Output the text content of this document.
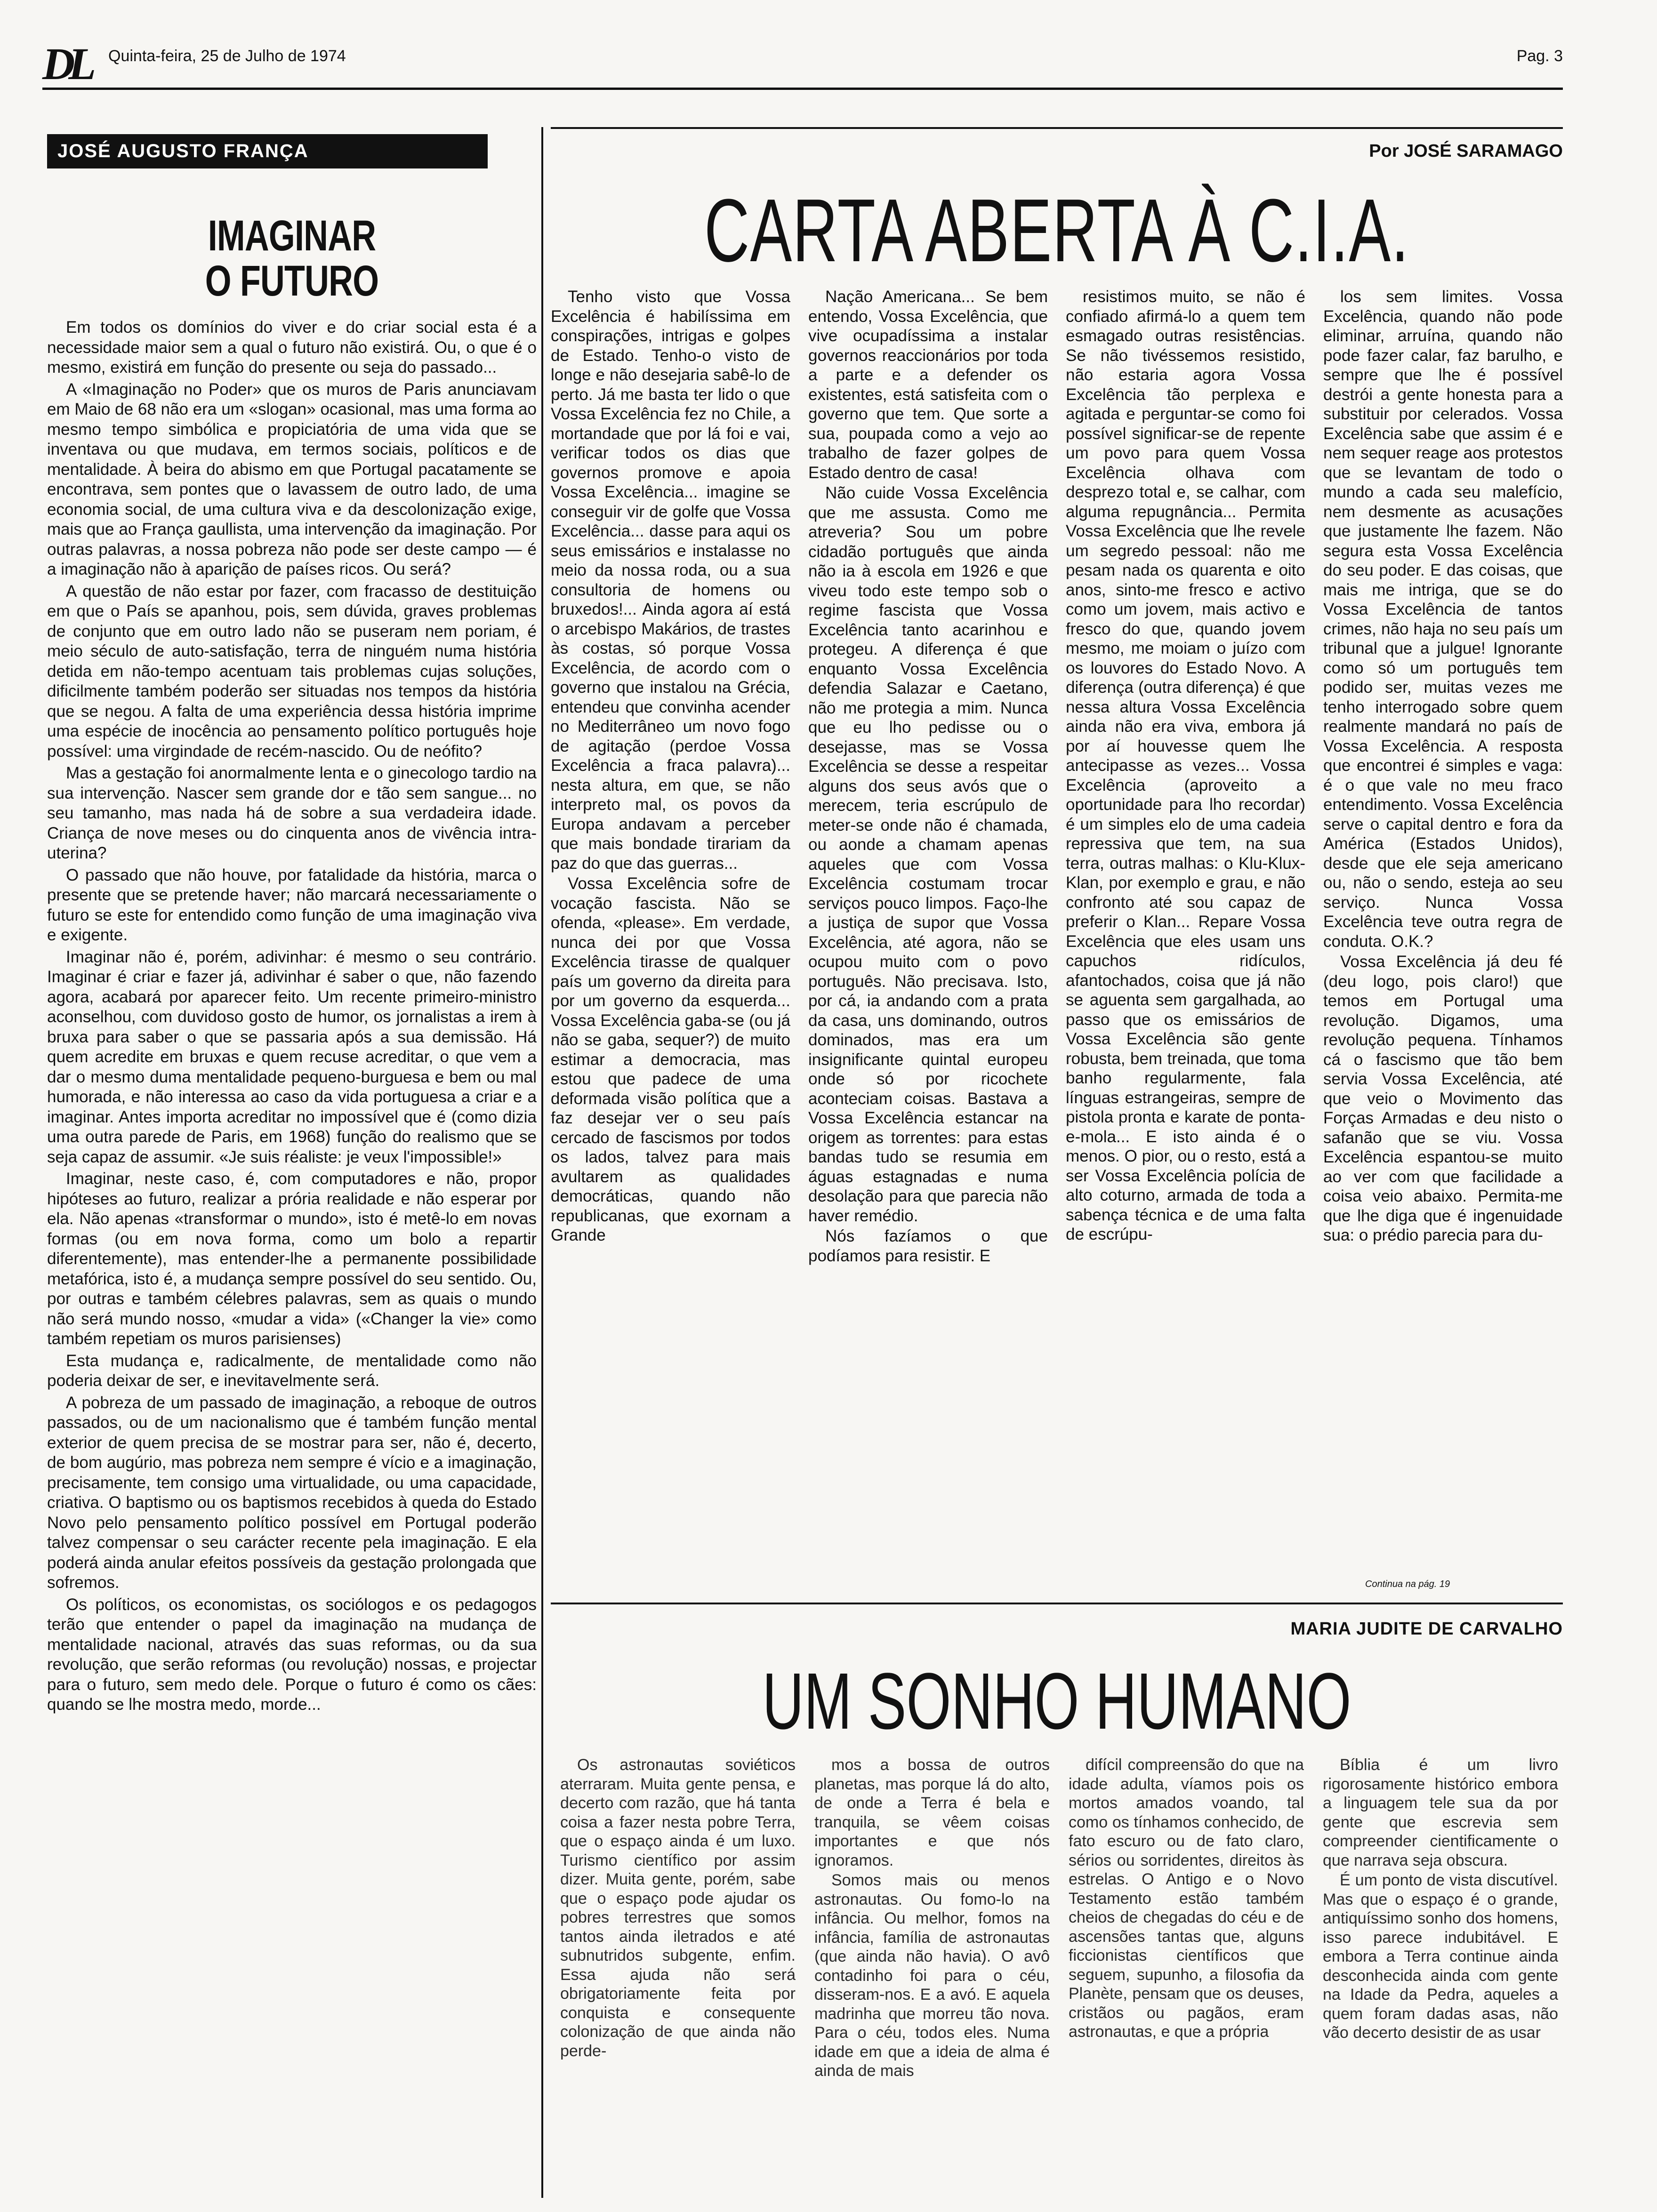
DL Quinta-feira, 25 de Julho de 1974	Pag. 3
JOSÉ AUGUSTO FRANÇA
IMAGINAR
O FUTURO

Em todos os domínios do viver e do criar social esta é a necessidade maior sem a qual o futuro não existirá. Ou, o que é o mesmo, existirá em função do presente ou seja do passado...

A «Imaginação no Poder» que os muros de Paris anunciavam em Maio de 68 não era um «slogan» ocasional, mas uma forma ao mesmo tempo simbólica e propiciatória de uma vida que se inventava ou que mudava, em termos sociais, políticos e de mentalidade. À beira do abismo em que Portugal pacatamente se encontrava, sem pontes que o lavassem de outro lado, de uma economia social, de uma cultura viva e da descolonização exige, mais que ao França gaullista, uma intervenção da imaginação. Por outras palavras, a nossa pobreza não pode ser deste campo — é a imaginação não à aparição de países ricos. Ou será?

A questão de não estar por fazer, com fracasso de destituição em que o País se apanhou, pois, sem dúvida, graves problemas de conjunto que em outro lado não se puseram nem poriam, é meio século de auto-satisfação, terra de ninguém numa história detida em não-tempo acentuam tais problemas cujas soluções, dificilmente também poderão ser situadas nos tempos da história que se negou. A falta de uma experiência dessa história imprime uma espécie de inocência ao pensamento político português hoje possível: uma virgindade de recém-nascido. Ou de neófito?

Mas a gestação foi anormalmente lenta e o ginecologo tardio na sua intervenção. Nascer sem grande dor e tão sem sangue... no seu tamanho, mas nada há de sobre a sua verdadeira idade. Criança de nove meses ou do cinquenta anos de vivência intra-uterina?

O passado que não houve, por fatalidade da história, marca o presente que se pretende haver; não marcará necessariamente o futuro se este for entendido como função de uma imaginação viva e exigente.

Imaginar não é, porém, adivinhar: é mesmo o seu contrário. Imaginar é criar e fazer já, adivinhar é saber o que, não fazendo agora, acabará por aparecer feito. Um recente primeiro-ministro aconselhou, com duvidoso gosto de humor, os jornalistas a irem à bruxa para saber o que se passaria após a sua demissão. Há quem acredite em bruxas e quem recuse acreditar, o que vem a dar o mesmo duma mentalidade pequeno-burguesa e bem ou mal humorada, e não interessa ao caso da vida portuguesa a criar e a imaginar. Antes importa acreditar no impossível que é (como dizia uma outra parede de Paris, em 1968) função do realismo que se seja capaz de assumir. «Je suis réaliste: je veux l'impossible!»

Imaginar, neste caso, é, com computadores e não, propor hipóteses ao futuro, realizar a prória realidade e não esperar por ela. Não apenas «transformar o mundo», isto é metê-lo em novas formas (ou em nova forma, como um bolo a repartir diferentemente), mas entender-lhe a permanente possibilidade metafórica, isto é, a mudança sempre possível do seu sentido. Ou, por outras e também célebres palavras, sem as quais o mundo não será mundo nosso, «mudar a vida» («Changer la vie» como também repetiam os muros parisienses)

Esta mudança e, radicalmente, de mentalidade como não poderia deixar de ser, e inevitavelmente será.

A pobreza de um passado de imaginação, a reboque de outros passados, ou de um nacionalismo que é também função mental exterior de quem precisa de se mostrar para ser, não é, decerto, de bom augúrio, mas pobreza nem sempre é vício e a imaginação, precisamente, tem consigo uma virtualidade, ou uma capacidade, criativa. O baptismo ou os baptismos recebidos à queda do Estado Novo pelo pensamento político possível em Portugal poderão talvez compensar o seu carácter recente pela imaginação. E ela poderá ainda anular efeitos possíveis da gestação prolongada que sofremos.

Os políticos, os economistas, os sociólogos e os pedagogos terão que entender o papel da imaginação na mudança de mentalidade nacional, através das suas reformas, ou da sua revolução, que serão reformas (ou revolução) nossas, e projectar para o futuro, sem medo dele. Porque o futuro é como os cães: quando se lhe mostra medo, morde...

Por JOSÉ SARAMAGO
CARTA ABERTA À C.I.A.

Tenho visto que Vossa Excelência é habilíssima em conspirações, intrigas e golpes de Estado. Tenho-o visto de longe e não desejaria sabê-lo de perto. Já me basta ter lido o que Vossa Excelência fez no Chile, a mortandade que por lá foi e vai, verificar todos os dias que governos promove e apoia Vossa Excelência... imagine se conseguir vir de golfe que Vossa Excelência... dasse para aqui os seus emissários e instalasse no meio da nossa roda, ou a sua consultoria de homens ou bruxedos!... Ainda agora aí está o arcebispo Makários, de trastes às costas, só porque Vossa Excelência, de acordo com o governo que instalou na Grécia, entendeu que convinha acender no Mediterrâneo um novo fogo de agitação (perdoe Vossa Excelência a fraca palavra)... nesta altura, em que, se não interpreto mal, os povos da Europa andavam a perceber que mais bondade tirariam da paz do que das guerras...

Vossa Excelência sofre de vocação fascista. Não se ofenda, «please». Em verdade, nunca dei por que Vossa Excelência tirasse de qualquer país um governo da direita para por um governo da esquerda... Vossa Excelência gaba-se (ou já não se gaba, sequer?) de muito estimar a democracia, mas estou que padece de uma deformada visão política que a faz desejar ver o seu país cercado de fascismos por todos os lados, talvez para mais avultarem as qualidades democráticas, quando não republicanas, que exornam a Grande

Nação Americana... Se bem entendo, Vossa Excelência, que vive ocupadíssima a instalar governos reaccionários por toda a parte e a defender os existentes, está satisfeita com o governo que tem. Que sorte a sua, poupada como a vejo ao trabalho de fazer golpes de Estado dentro de casa!

Não cuide Vossa Excelência que me assusta. Como me atreveria? Sou um pobre cidadão português que ainda não ia à escola em 1926 e que viveu todo este tempo sob o regime fascista que Vossa Excelência tanto acarinhou e protegeu. A diferença é que enquanto Vossa Excelência defendia Salazar e Caetano, não me protegia a mim. Nunca que eu lho pedisse ou o desejasse, mas se Vossa Excelência se desse a respeitar alguns dos seus avós que o merecem, teria escrúpulo de meter-se onde não é chamada, ou aonde a chamam apenas aqueles que com Vossa Excelência costumam trocar serviços pouco limpos. Faço-lhe a justiça de supor que Vossa Excelência, até agora, não se ocupou muito com o povo português. Não precisava. Isto, por cá, ia andando com a prata da casa, uns dominando, outros dominados, mas era um insignificante quintal europeu onde só por ricochete aconteciam coisas. Bastava a Vossa Excelência estancar na origem as torrentes: para estas bandas tudo se resumia em águas estagnadas e numa desolação para que parecia não haver remédio.

Nós fazíamos o que podíamos para resistir. E

resistimos muito, se não é confiado afirmá-lo a quem tem esmagado outras resistências. Se não tivéssemos resistido, não estaria agora Vossa Excelência tão perplexa e agitada e perguntar-se como foi possível significar-se de repente um povo para quem Vossa Excelência olhava com desprezo total e, se calhar, com alguma repugnância... Permita Vossa Excelência que lhe revele um segredo pessoal: não me pesam nada os quarenta e oito anos, sinto-me fresco e activo como um jovem, mais activo e fresco do que, quando jovem mesmo, me moiam o juízo com os louvores do Estado Novo. A diferença (outra diferença) é que nessa altura Vossa Excelência ainda não era viva, embora já por aí houvesse quem lhe antecipasse as vezes... Vossa Excelência (aproveito a oportunidade para lho recordar) é um simples elo de uma cadeia repressiva que tem, na sua terra, outras malhas: o Klu-Klux-Klan, por exemplo e grau, e não confronto até sou capaz de preferir o Klan... Repare Vossa Excelência que eles usam uns capuchos ridículos, afantochados, coisa que já não se aguenta sem gargalhada, ao passo que os emissários de Vossa Excelência são gente robusta, bem treinada, que toma banho regularmente, fala línguas estrangeiras, sempre de pistola pronta e karate de ponta-e-mola... E isto ainda é o menos. O pior, ou o resto, está a ser Vossa Excelência polícia de alto coturno, armada de toda a sabença técnica e de uma falta de escrúpu-

los sem limites. Vossa Excelência, quando não pode eliminar, arruína, quando não pode fazer calar, faz barulho, e sempre que lhe é possível destrói a gente honesta para a substituir por celerados. Vossa Excelência sabe que assim é e nem sequer reage aos protestos que se levantam de todo o mundo a cada seu malefício, nem desmente as acusações que justamente lhe fazem. Não segura esta Vossa Excelência do seu poder. E das coisas, que mais me intriga, que se do Vossa Excelência de tantos crimes, não haja no seu país um tribunal que a julgue! Ignorante como só um português tem podido ser, muitas vezes me tenho interrogado sobre quem realmente mandará no país de Vossa Excelência. A resposta que encontrei é simples e vaga: é o que vale no meu fraco entendimento. Vossa Excelência serve o capital dentro e fora da América (Estados Unidos), desde que ele seja americano ou, não o sendo, esteja ao seu serviço. Nunca Vossa Excelência teve outra regra de conduta. O.K.?

Vossa Excelência já deu fé (deu logo, pois claro!) que temos em Portugal uma revolução. Digamos, uma revolução pequena. Tínhamos cá o fascismo que tão bem servia Vossa Excelência, até que veio o Movimento das Forças Armadas e deu nisto o safanão que se viu. Vossa Excelência espantou-se muito ao ver com que facilidade a coisa veio abaixo. Permita-me que lhe diga que é ingenuidade sua: o prédio parecia para du-

Continua na pág. 19
MARIA JUDITE DE CARVALHO
UM SONHO HUMANO

Os astronautas soviéticos aterraram. Muita gente pensa, e decerto com razão, que há tanta coisa a fazer nesta pobre Terra, que o espaço ainda é um luxo. Turismo científico por assim dizer. Muita gente, porém, sabe que o espaço pode ajudar os pobres terrestres que somos tantos ainda iletrados e até subnutridos subgente, enfim. Essa ajuda não será obrigatoriamente feita por conquista e consequente colonização de que ainda não perde-

mos a bossa de outros planetas, mas porque lá do alto, de onde a Terra é bela e tranquila, se vêem coisas importantes e que nós ignoramos.

Somos mais ou menos astronautas. Ou fomo-lo na infância. Ou melhor, fomos na infância, família de astronautas (que ainda não havia). O avô contadinho foi para o céu, disseram-nos. E a avó. E aquela madrinha que morreu tão nova. Para o céu, todos eles. Numa idade em que a ideia de alma é ainda de mais

difícil compreensão do que na idade adulta, víamos pois os mortos amados voando, tal como os tínhamos conhecido, de fato escuro ou de fato claro, sérios ou sorridentes, direitos às estrelas. O Antigo e o Novo Testamento estão também cheios de chegadas do céu e de ascensões tantas que, alguns ficcionistas científicos que seguem, supunho, a filosofia da Planète, pensam que os deuses, cristãos ou pagãos, eram astronautas, e que a própria

Bíblia é um livro rigorosamente histórico embora a linguagem tele sua da por gente que escrevia sem compreender cientificamente o que narrava seja obscura.

É um ponto de vista discutível. Mas que o espaço é o grande, antiquíssimo sonho dos homens, isso parece indubitável. E embora a Terra continue ainda desconhecida ainda com gente na Idade da Pedra, aqueles a quem foram dadas asas, não vão decerto desistir de as usar
